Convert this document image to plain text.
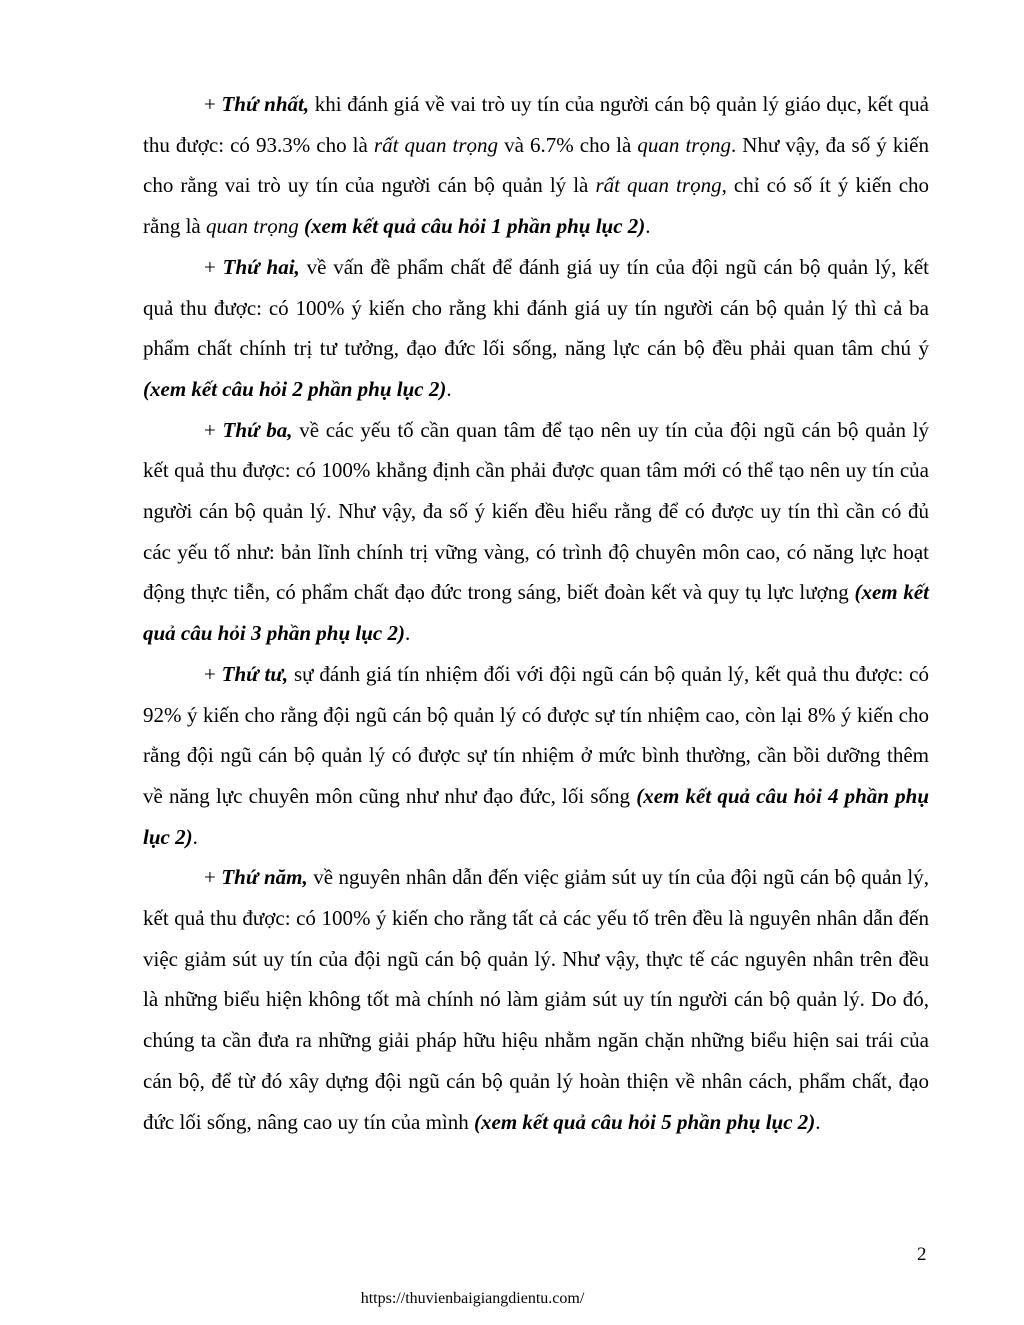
+ Thứ nhất, khi đánh giá về vai trò uy tín của người cán bộ quản lý giáo dục, kết quả thu được: có 93.3% cho là rất quan trọng và 6.7% cho là quan trọng. Như vậy, đa số ý kiến cho rằng vai trò uy tín của người cán bộ quản lý là rất quan trọng, chỉ có số ít ý kiến cho rằng là quan trọng (xem kết quả câu hỏi 1 phần phụ lục 2).

+ Thứ hai, về vấn đề phẩm chất để đánh giá uy tín của đội ngũ cán bộ quản lý, kết quả thu được: có 100% ý kiến cho rằng khi đánh giá uy tín người cán bộ quản lý thì cả ba phẩm chất chính trị tư tưởng, đạo đức lối sống, năng lực cán bộ đều phải quan tâm chú ý (xem kết câu hỏi 2 phần phụ lục 2).

+ Thứ ba, về các yếu tố cần quan tâm để tạo nên uy tín của đội ngũ cán bộ quản lý kết quả thu được: có 100% khẳng định cần phải được quan tâm mới có thể tạo nên uy tín của người cán bộ quản lý. Như vậy, đa số ý kiến đều hiểu rằng để có được uy tín thì cần có đủ các yếu tố như: bản lĩnh chính trị vững vàng, có trình độ chuyên môn cao, có năng lực hoạt động thực tiễn, có phẩm chất đạo đức trong sáng, biết đoàn kết và quy tụ lực lượng (xem kết quả câu hỏi 3 phần phụ lục 2).

+ Thứ tư, sự đánh giá tín nhiệm đối với đội ngũ cán bộ quản lý, kết quả thu được: có 92% ý kiến cho rằng đội ngũ cán bộ quản lý có được sự tín nhiệm cao, còn lại 8% ý kiến cho rằng đội ngũ cán bộ quản lý có được sự tín nhiệm ở mức bình thường, cần bồi dưỡng thêm về năng lực chuyên môn cũng như như đạo đức, lối sống (xem kết quả câu hỏi 4 phần phụ lục 2).

+ Thứ năm, về nguyên nhân dẫn đến việc giảm sút uy tín của đội ngũ cán bộ quản lý, kết quả thu được: có 100% ý kiến cho rằng tất cả các yếu tố trên đều là nguyên nhân dẫn đến việc giảm sút uy tín của đội ngũ cán bộ quản lý. Như vậy, thực tế các nguyên nhân trên đều là những biểu hiện không tốt mà chính nó làm giảm sút uy tín người cán bộ quản lý. Do đó, chúng ta cần đưa ra những giải pháp hữu hiệu nhằm ngăn chặn những biểu hiện sai trái của cán bộ, để từ đó xây dựng đội ngũ cán bộ quản lý hoàn thiện về nhân cách, phẩm chất, đạo đức lối sống, nâng cao uy tín của mình (xem kết quả câu hỏi 5 phần phụ lục 2).

2
https://thuvienbaigiangdientu.com/
